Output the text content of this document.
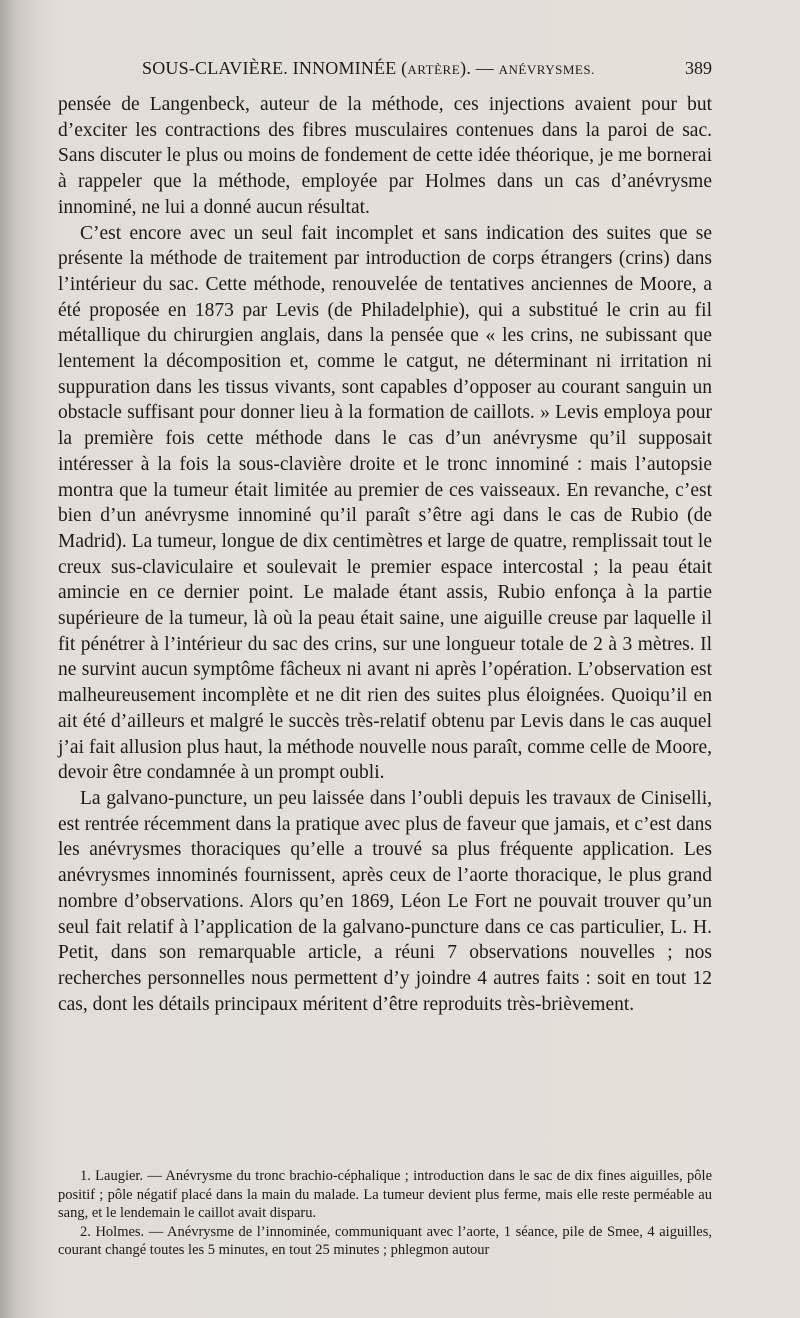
SOUS-CLAVIÈRE. INNOMINÉE (ARTÈRE). — ANÉVRYSMES.	389

pensée de Langenbeck, auteur de la méthode, ces injections avaient pour but d’exciter les contractions des fibres musculaires contenues dans la paroi de sac. Sans discuter le plus ou moins de fondement de cette idée théorique, je me bornerai à rappeler que la méthode, employée par Holmes dans un cas d’anévrysme innominé, ne lui a donné aucun résultat.

C’est encore avec un seul fait incomplet et sans indication des suites que se présente la méthode de traitement par introduction de corps étrangers (crins) dans l’intérieur du sac. Cette méthode, renouvelée de tentatives anciennes de Moore, a été proposée en 1873 par Levis (de Philadelphie), qui a substitué le crin au fil métallique du chirurgien anglais, dans la pensée que « les crins, ne subissant que lentement la décomposition et, comme le catgut, ne déterminant ni irritation ni suppuration dans les tissus vivants, sont capables d’opposer au courant sanguin un obstacle suffisant pour donner lieu à la formation de caillots. » Levis employa pour la première fois cette méthode dans le cas d’un anévrysme qu’il supposait intéresser à la fois la sous-clavière droite et le tronc innominé : mais l’autopsie montra que la tumeur était limitée au premier de ces vaisseaux. En revanche, c’est bien d’un anévrysme innominé qu’il paraît s’être agi dans le cas de Rubio (de Madrid). La tumeur, longue de dix centimètres et large de quatre, remplissait tout le creux sus-claviculaire et soulevait le premier espace intercostal ; la peau était amincie en ce dernier point. Le malade étant assis, Rubio enfonça à la partie supérieure de la tumeur, là où la peau était saine, une aiguille creuse par laquelle il fit pénétrer à l’intérieur du sac des crins, sur une longueur totale de 2 à 3 mètres. Il ne survint aucun symptôme fâcheux ni avant ni après l’opération. L’observation est malheureusement incomplète et ne dit rien des suites plus éloignées. Quoiqu’il en ait été d’ailleurs et malgré le succès très-relatif obtenu par Levis dans le cas auquel j’ai fait allusion plus haut, la méthode nouvelle nous paraît, comme celle de Moore, devoir être condamnée à un prompt oubli.

La galvano-puncture, un peu laissée dans l’oubli depuis les travaux de Ciniselli, est rentrée récemment dans la pratique avec plus de faveur que jamais, et c’est dans les anévrysmes thoraciques qu’elle a trouvé sa plus fréquente application. Les anévrysmes innominés fournissent, après ceux de l’aorte thoracique, le plus grand nombre d’observations. Alors qu’en 1869, Léon Le Fort ne pouvait trouver qu’un seul fait relatif à l’application de la galvano-puncture dans ce cas particulier, L. H. Petit, dans son remarquable article, a réuni 7 observations nouvelles ; nos recherches personnelles nous permettent d’y joindre 4 autres faits : soit en tout 12 cas, dont les détails principaux méritent d’être reproduits très-brièvement.

1. Laugier. — Anévrysme du tronc brachio-céphalique ; introduction dans le sac de dix fines aiguilles, pôle positif ; pôle négatif placé dans la main du malade. La tumeur devient plus ferme, mais elle reste perméable au sang, et le lendemain le caillot avait disparu.

2. Holmes. — Anévrysme de l’innominée, communiquant avec l’aorte, 1 séance, pile de Smee, 4 aiguilles, courant changé toutes les 5 minutes, en tout 25 minutes ; phlegmon autour
